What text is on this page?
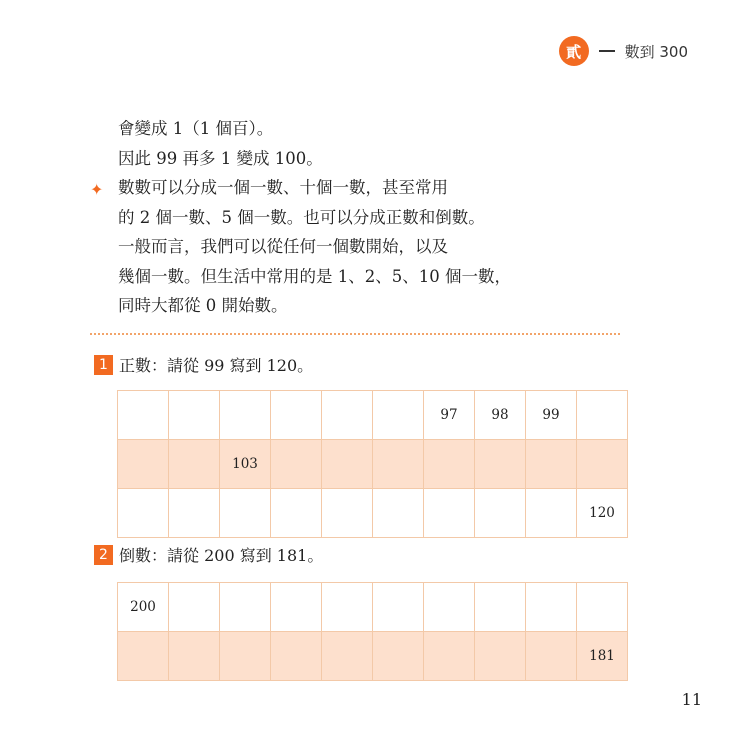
貳	數到 300
會變成 1（1 個百）。
因此 99 再多 1 變成 100。
✦ 數數可以分成一個一數、十個一數，甚至常用
的 2 個一數、5 個一數。也可以分成正數和倒數。
一般而言，我們可以從任何一個數開始，以及
幾個一數。但生活中常用的是 1、2、5、10 個一數，
同時大都從 0 開始數。
1 正數：請從 99 寫到 120。
						97	98	99	
		103							
									120
2 倒數：請從 200 寫到 181。
200									
									181
11
